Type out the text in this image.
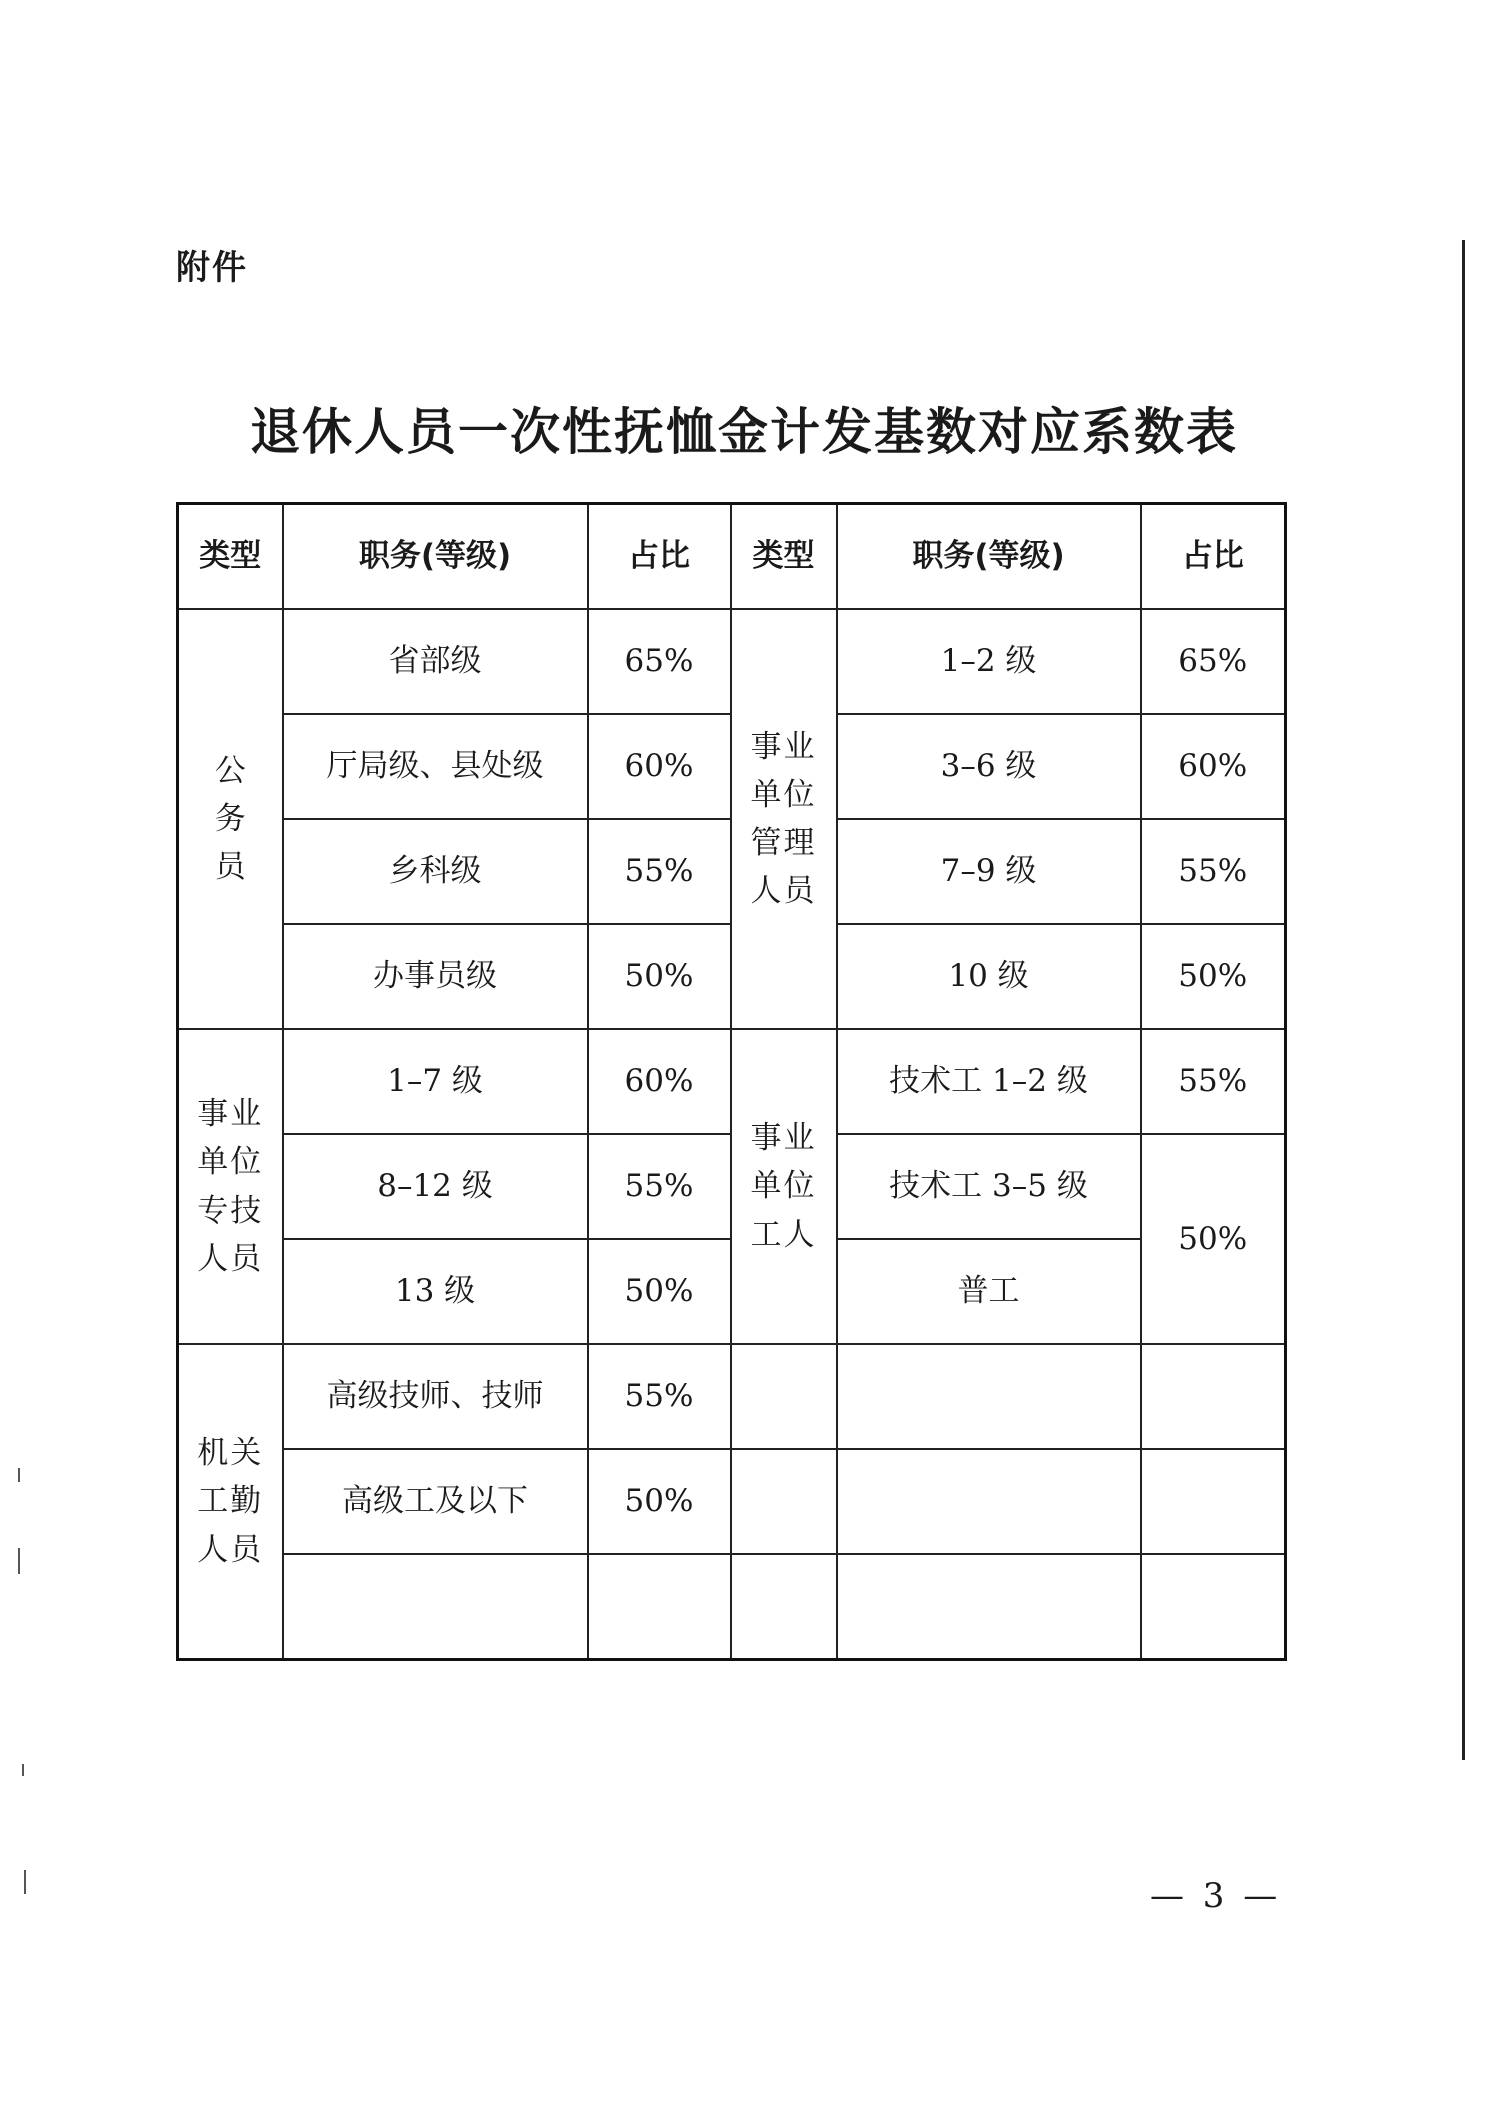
附件
退休人员一次性抚恤金计发基数对应系数表
类型	职务(等级)	占比	类型	职务(等级)	占比
公务员	省部级	65%	事业单位管理人员	1–2 级	65%
	厅局级、县处级	60%		3–6 级	60%
	乡科级	55%		7–9 级	55%
	办事员级	50%		10 级	50%
事业单位专技人员	1–7 级	60%	事业单位工人	技术工 1–2 级	55%
	8–12 级	55%		技术工 3–5 级	50%
	13 级	50%		普工	
机关工勤人员	高级技师、技师	55%			
	高级工及以下	50%			

— 3 —
